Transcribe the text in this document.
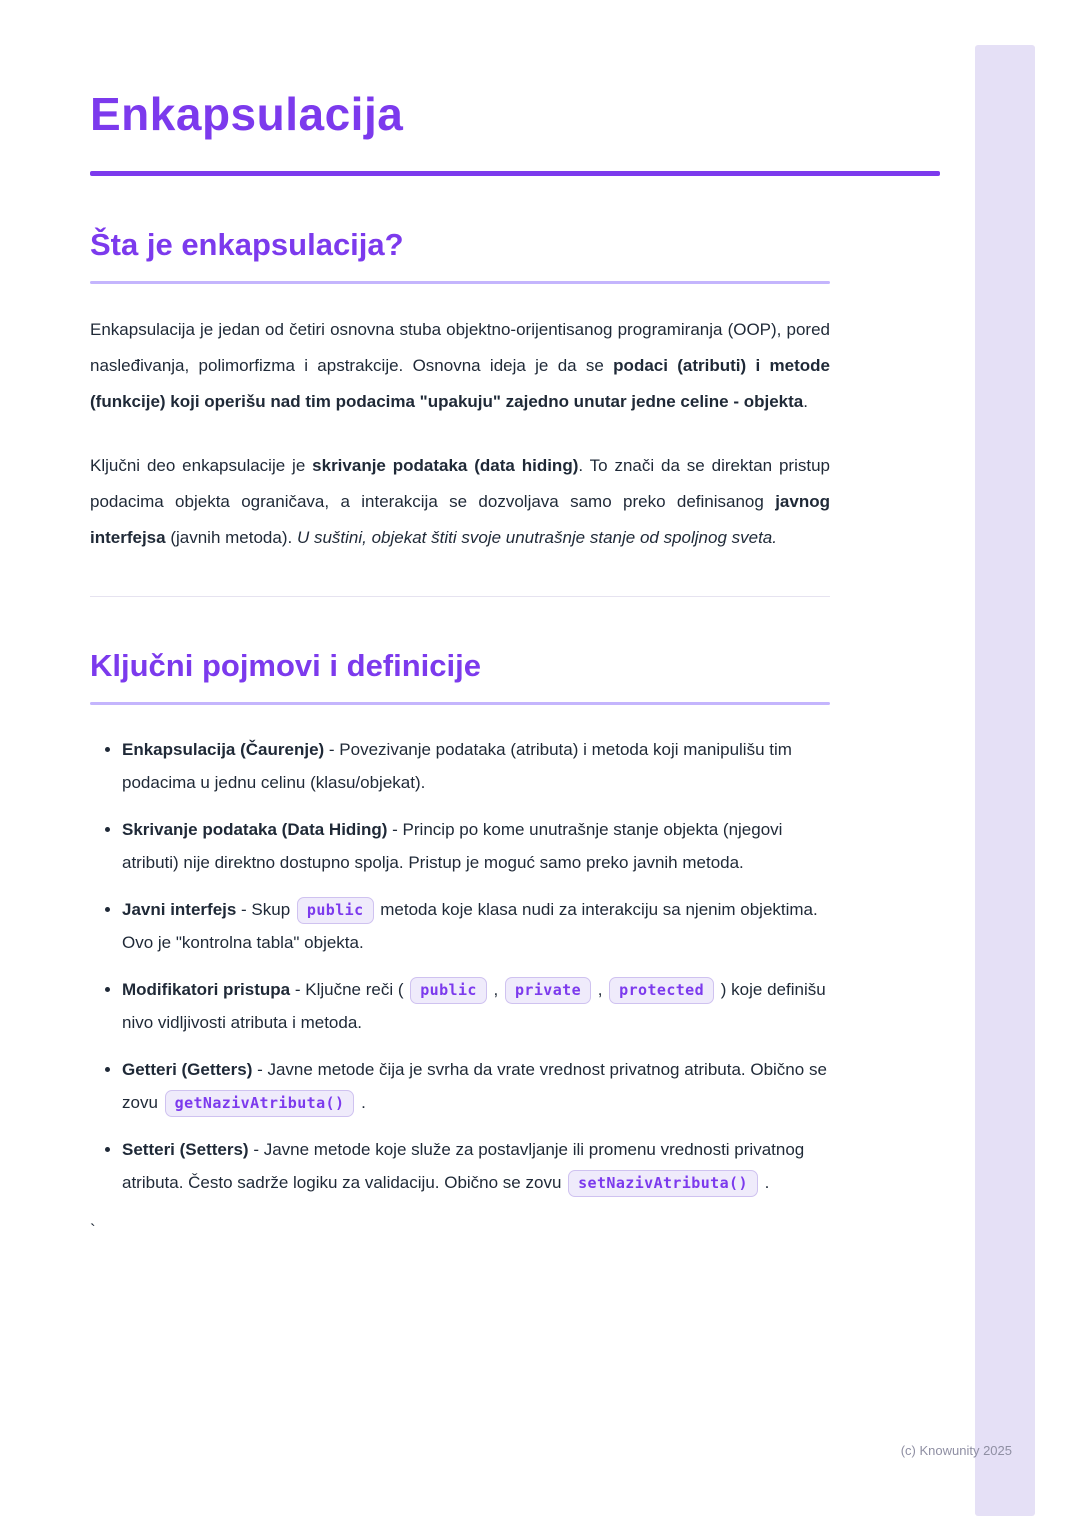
Enkapsulacija
Šta je enkapsulacija?

Enkapsulacija je jedan od četiri osnovna stuba objektno-orijentisanog programiranja (OOP), pored nasleđivanja, polimorfizma i apstrakcije. Osnovna ideja je da se podaci (atributi) i metode (funkcije) koji operišu nad tim podacima "upakuju" zajedno unutar jedne celine - objekta.

Ključni deo enkapsulacije je skrivanje podataka (data hiding). To znači da se direktan pristup podacima objekta ograničava, a interakcija se dozvoljava samo preko definisanog javnog interfejsa (javnih metoda). U suštini, objekat štiti svoje unutrašnje stanje od spoljnog sveta.

Ključni pojmovi i definicije
• Enkapsulacija (Čaurenje) - Povezivanje podataka (atributa) i metoda koji manipulišu tim podacima u jednu celinu (klasu/objekat).
• Skrivanje podataka (Data Hiding) - Princip po kome unutrašnje stanje objekta (njegovi atributi) nije direktno dostupno spolja. Pristup je moguć samo preko javnih metoda.
• Javni interfejs - Skup public metoda koje klasa nudi za interakciju sa njenim objektima. Ovo je "kontrolna tabla" objekta.
• Modifikatori pristupa - Ključne reči ( public , private , protected ) koje definišu nivo vidljivosti atributa i metoda.
• Getteri (Getters) - Javne metode čija je svrha da vrate vrednost privatnog atributa. Obično se zovu getNazivAtributa() .
• Setteri (Setters) - Javne metode koje služe za postavljanje ili promenu vrednosti privatnog atributa. Često sadrže logiku za validaciju. Obično se zovu setNazivAtributa() .
`
(c) Knowunity 2025
